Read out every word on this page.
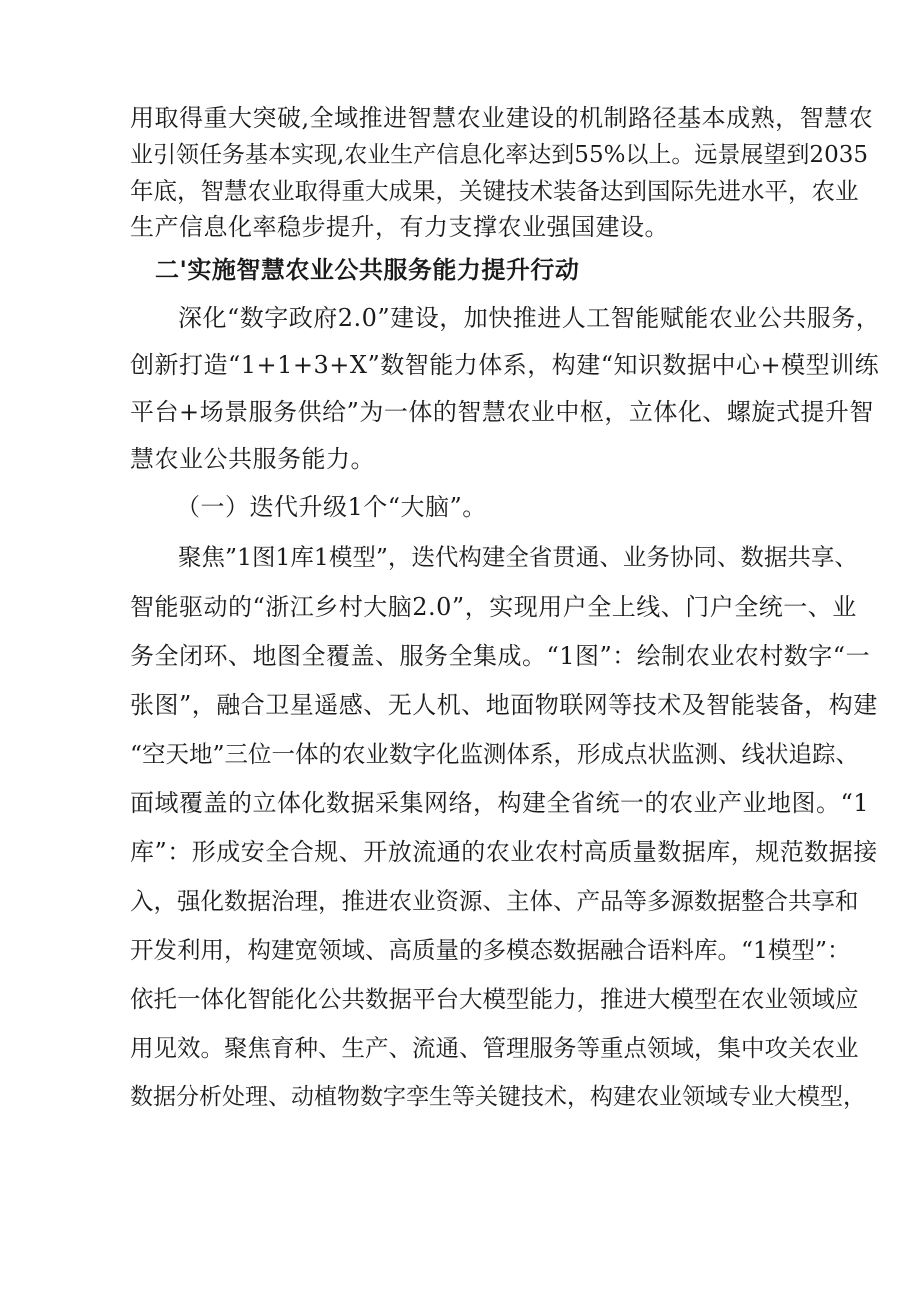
用取得重大突破,全域推进智慧农业建设的机制路径基本成熟，智慧农
业引领任务基本实现,农业生产信息化率达到55%以上。远景展望到2035
年底，智慧农业取得重大成果，关键技术装备达到国际先进水平，农业
生产信息化率稳步提升，有力支撑农业强国建设。
二'实施智慧农业公共服务能力提升行动
深化“数字政府2.0”建设，加快推进人工智能赋能农业公共服务，
创新打造“1+1+3+X”数智能力体系，构建“知识数据中心+模型训练
平台+场景服务供给”为一体的智慧农业中枢，立体化、螺旋式提升智
慧农业公共服务能力。
（一）迭代升级1个“大脑”。
聚焦”1图1库1模型”，迭代构建全省贯通、业务协同、数据共享、
智能驱动的“浙江乡村大脑2.0”，实现用户全上线、门户全统一、业
务全闭环、地图全覆盖、服务全集成。“1图”：绘制农业农村数字“一
张图”，融合卫星遥感、无人机、地面物联网等技术及智能装备，构建
“空天地”三位一体的农业数字化监测体系，形成点状监测、线状追踪、
面域覆盖的立体化数据采集网络，构建全省统一的农业产业地图。“1
库”：形成安全合规、开放流通的农业农村高质量数据库，规范数据接
入，强化数据治理，推进农业资源、主体、产品等多源数据整合共享和
开发利用，构建宽领域、高质量的多模态数据融合语料库。“1模型”：
依托一体化智能化公共数据平台大模型能力，推进大模型在农业领域应
用见效。聚焦育种、生产、流通、管理服务等重点领域，集中攻关农业
数据分析处理、动植物数字孪生等关键技术，构建农业领域专业大模型，
